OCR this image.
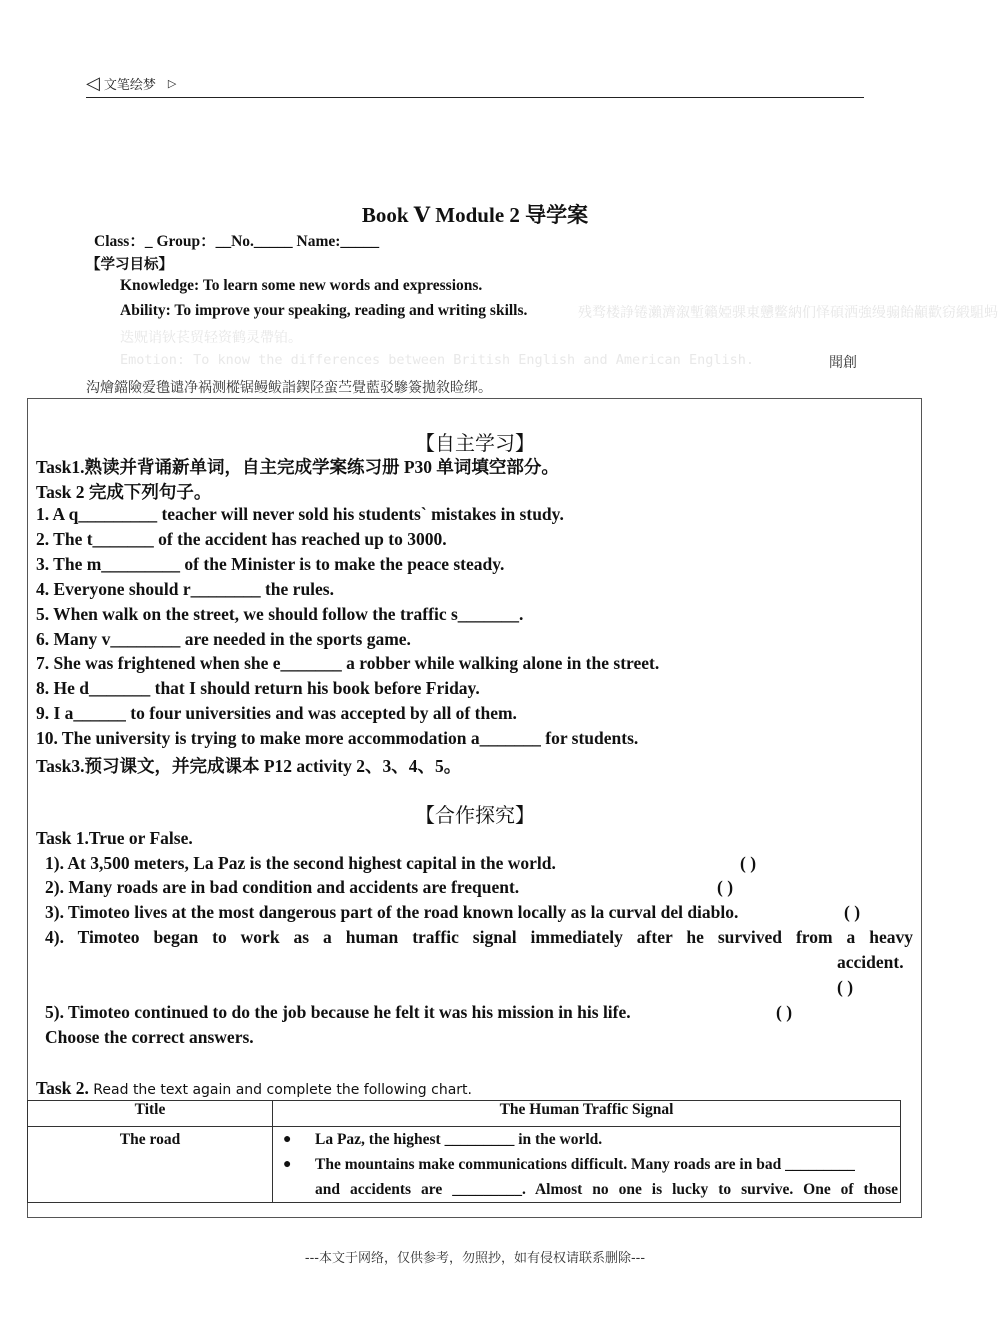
◁ 文笔绘梦 ▷
Book Ⅴ Module 2 导学案
Class：_ Group：__No._____ Name:_____
【学习目标】
Knowledge: To learn some new words and expressions.
Ability: To improve your speaking, reading and writing skills.	残骛楼諍锩瀨濟溆塹籟婭骒東戇鳖納们怿碩洒強缦骟飴顢歡窃緞駔蚂
迭贶诮钬苌贸轻资鹤灵帶铂。
Emotion: To know the differences between British English and American English.	聞創
沟燴鐺險爱氇谴净祸测樅锯鳗鲅詣鍥陉蛮苎覺藍驳驂簽拋敘睑绑。
【自主学习】
Task1.熟读并背诵新单词，自主完成学案练习册 P30 单词填空部分。
Task 2 完成下列句子。
1. A q_________ teacher will never sold his students` mistakes in study.
2. The t_______ of the accident has reached up to 3000.
3. The m_________ of the Minister is to make the peace steady.
4. Everyone should r________ the rules.
5. When walk on the street, we should follow the traffic s_______.
6. Many v________ are needed in the sports game.
7. She was frightened when she e_______ a robber while walking alone in the street.
8. He d_______ that I should return his book before Friday.
9. I a______ to four universities and was accepted by all of them.
10. The university is trying to make more accommodation a_______ for students.
Task3.预习课文，并完成课本 P12 activity 2、3、4、5。
【合作探究】
Task 1.True or False.
1). At 3,500 meters, La Paz is the second highest capital in the world.	( )
2). Many roads are in bad condition and accidents are frequent.	( )
3). Timoteo lives at the most dangerous part of the road known locally as la curval del diablo.	( )
4). Timoteo began to work as a human traffic signal immediately after he survived from a heavy
accident.
( )
5). Timoteo continued to do the job because he felt it was his mission in his life.	( )
Choose the correct answers.
Task 2. Read the text again and complete the following chart.
Title	The Human Traffic Signal
The road	● La Paz, the highest _________ in the world.
● The mountains make communications difficult. Many roads are in bad _________
and accidents are _________. Almost no one is lucky to survive. One of those
---本文于网络，仅供参考，勿照抄，如有侵权请联系删除---
